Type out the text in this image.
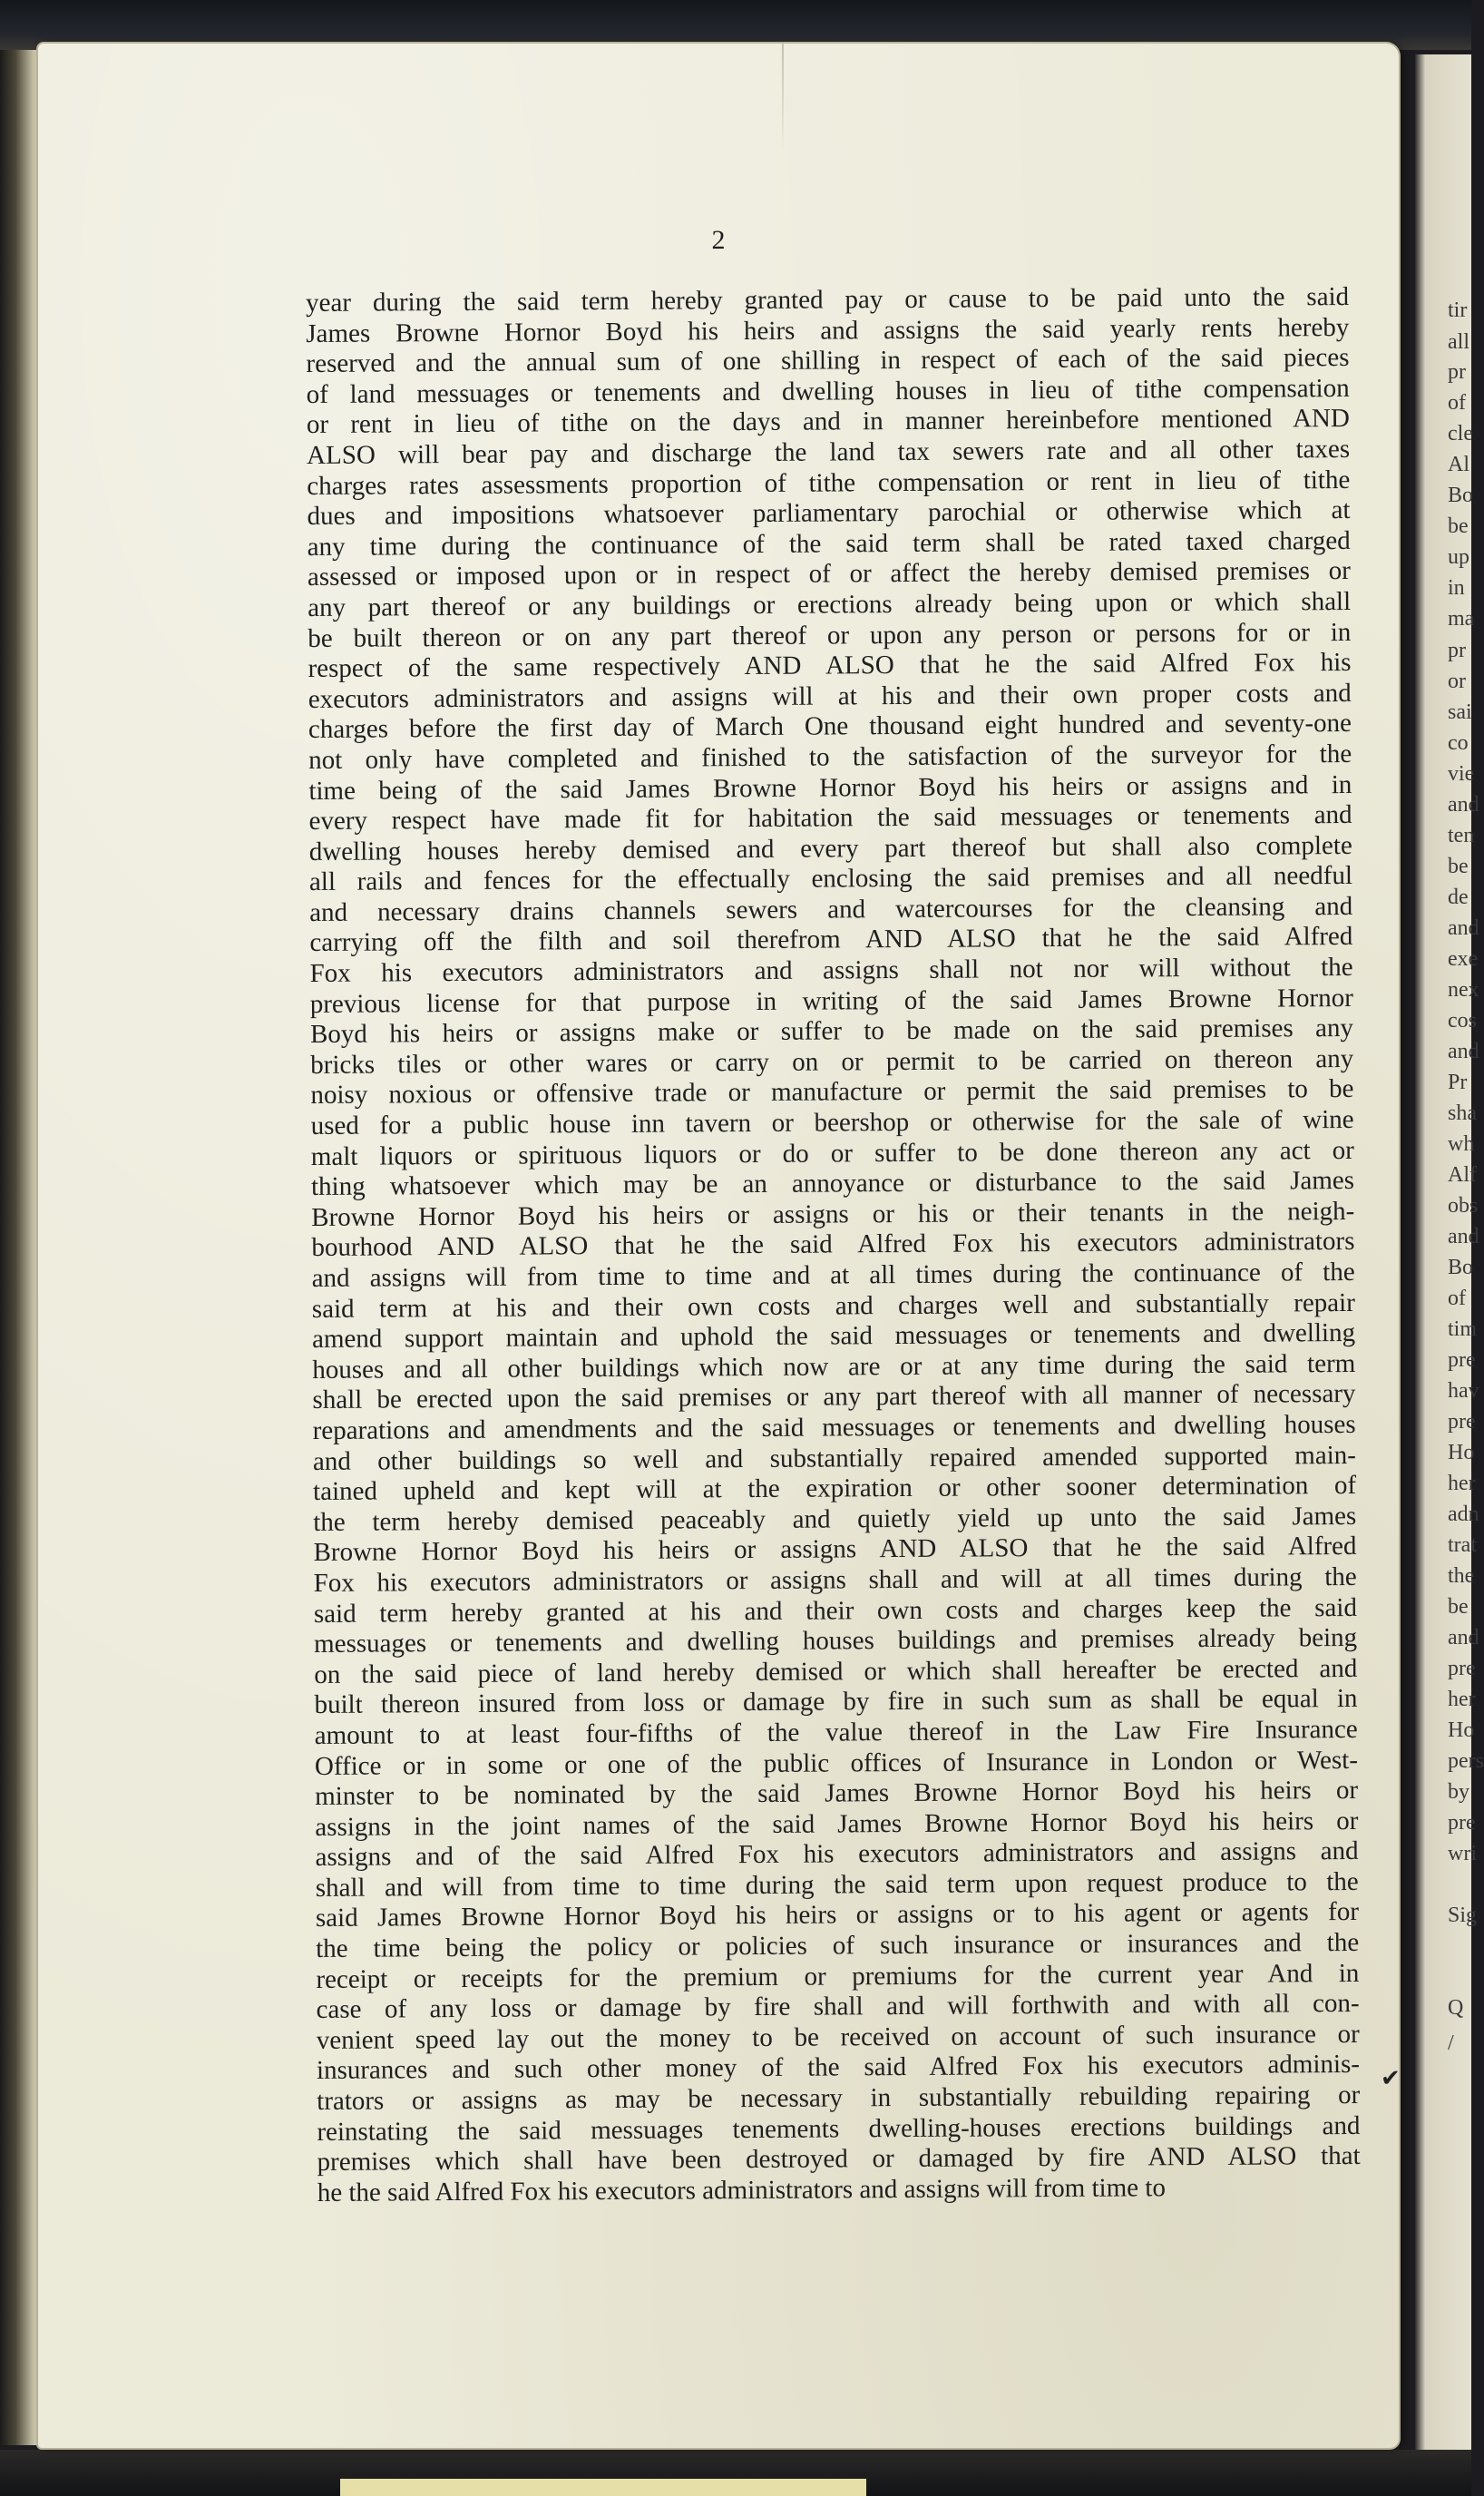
tir
all
pr
of
cle
Al
Bo
be
up
in
ma
pr
or
sai
co
vie
and
ten
be
de
and
exe
nex
cos
and
Pr
sha
wh
Alf
obs
and
Bo
of
tim
pre
hav
pre
Ho
her
adn
trat
the
be
and
pre
her
Ho
pers
by
pre
wri
Sig
Q
/
2
year during the said term hereby granted pay or cause to be paid unto the said
James Browne Hornor Boyd his heirs and assigns the said yearly rents hereby
reserved and the annual sum of one shilling in respect of each of the said pieces
of land messuages or tenements and dwelling houses in lieu of tithe compensation
or rent in lieu of tithe on the days and in manner hereinbefore mentioned AND
ALSO will bear pay and discharge the land tax sewers rate and all other taxes
charges rates assessments proportion of tithe compensation or rent in lieu of tithe
dues and impositions whatsoever parliamentary parochial or otherwise which at
any time during the continuance of the said term shall be rated taxed charged
assessed or imposed upon or in respect of or affect the hereby demised premises or
any part thereof or any buildings or erections already being upon or which shall
be built thereon or on any part thereof or upon any person or persons for or in
respect of the same respectively AND ALSO that he the said Alfred Fox his
executors administrators and assigns will at his and their own proper costs and
charges before the first day of March One thousand eight hundred and seventy-one
not only have completed and finished to the satisfaction of the surveyor for the
time being of the said James Browne Hornor Boyd his heirs or assigns and in
every respect have made fit for habitation the said messuages or tenements and
dwelling houses hereby demised and every part thereof but shall also complete
all rails and fences for the effectually enclosing the said premises and all needful
and necessary drains channels sewers and watercourses for the cleansing and
carrying off the filth and soil therefrom AND ALSO that he the said Alfred
Fox his executors administrators and assigns shall not nor will without the
previous license for that purpose in writing of the said James Browne Hornor
Boyd his heirs or assigns make or suffer to be made on the said premises any
bricks tiles or other wares or carry on or permit to be carried on thereon any
noisy noxious or offensive trade or manufacture or permit the said premises to be
used for a public house inn tavern or beershop or otherwise for the sale of wine
malt liquors or spirituous liquors or do or suffer to be done thereon any act or
thing whatsoever which may be an annoyance or disturbance to the said James
Browne Hornor Boyd his heirs or assigns or his or their tenants in the neigh-
bourhood AND ALSO that he the said Alfred Fox his executors administrators
and assigns will from time to time and at all times during the continuance of the
said term at his and their own costs and charges well and substantially repair
amend support maintain and uphold the said messuages or tenements and dwelling
houses and all other buildings which now are or at any time during the said term
shall be erected upon the said premises or any part thereof with all manner of necessary
reparations and amendments and the said messuages or tenements and dwelling houses
and other buildings so well and substantially repaired amended supported main-
tained upheld and kept will at the expiration or other sooner determination of
the term hereby demised peaceably and quietly yield up unto the said James
Browne Hornor Boyd his heirs or assigns AND ALSO that he the said Alfred
Fox his executors administrators or assigns shall and will at all times during the
said term hereby granted at his and their own costs and charges keep the said
messuages or tenements and dwelling houses buildings and premises already being
on the said piece of land hereby demised or which shall hereafter be erected and
built thereon insured from loss or damage by fire in such sum as shall be equal in
amount to at least four-fifths of the value thereof in the Law Fire Insurance
Office or in some or one of the public offices of Insurance in London or West-
minster to be nominated by the said James Browne Hornor Boyd his heirs or
assigns in the joint names of the said James Browne Hornor Boyd his heirs or
assigns and of the said Alfred Fox his executors administrators and assigns and
shall and will from time to time during the said term upon request produce to the
said James Browne Hornor Boyd his heirs or assigns or to his agent or agents for
the time being the policy or policies of such insurance or insurances and the
receipt or receipts for the premium or premiums for the current year And in
case of any loss or damage by fire shall and will forthwith and with all con-
venient speed lay out the money to be received on account of such insurance or
insurances and such other money of the said Alfred Fox his executors adminis-
trators or assigns as may be necessary in substantially rebuilding repairing or
reinstating the said messuages tenements dwelling-houses erections buildings and
premises which shall have been destroyed or damaged by fire AND ALSO that
he the said Alfred Fox his executors administrators and assigns will from time to
✔
